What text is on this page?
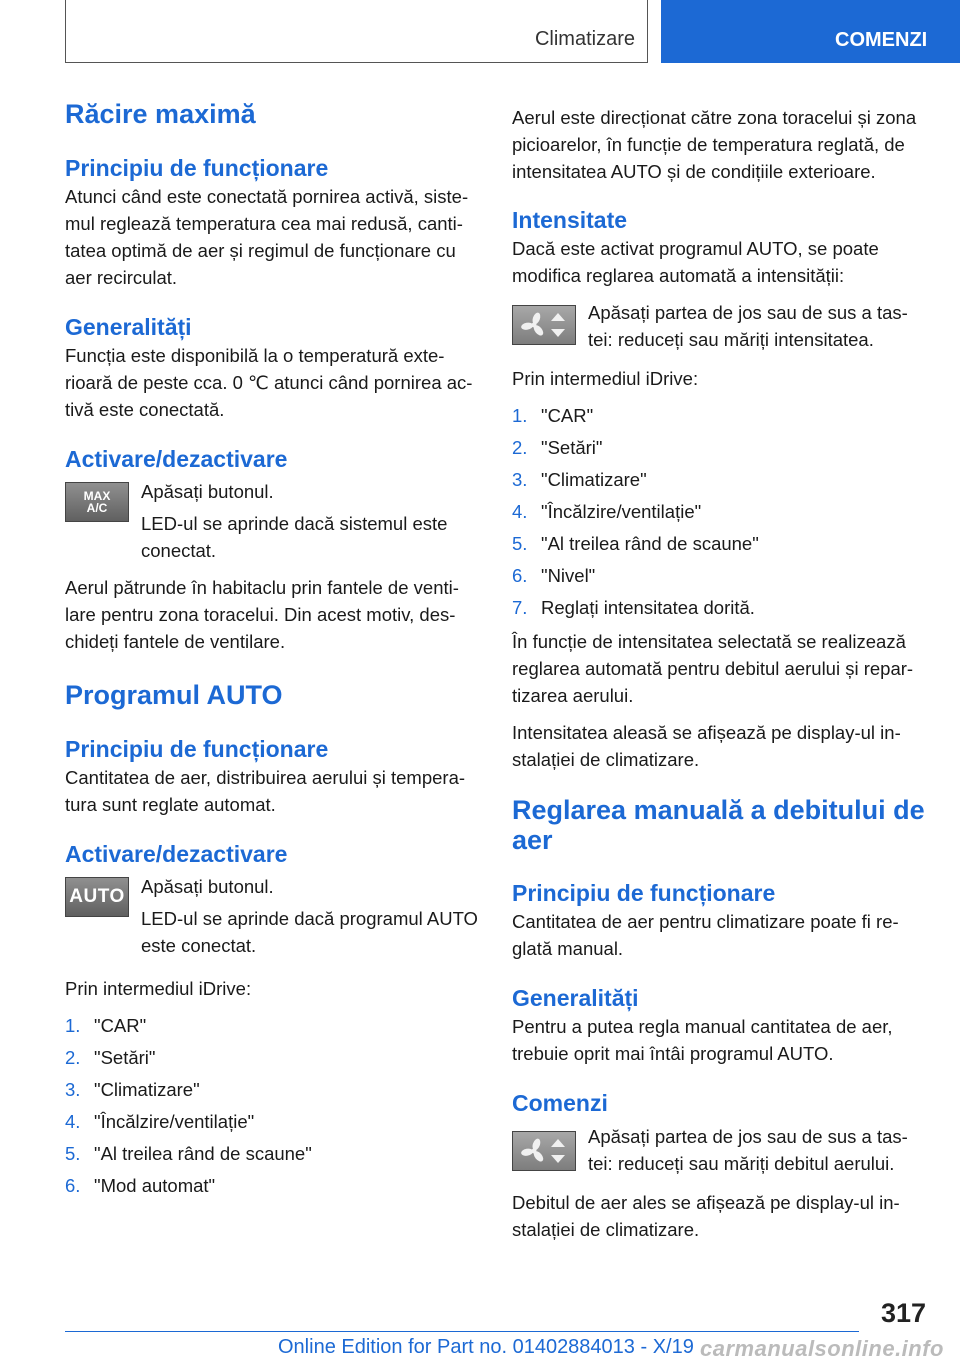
Climatizare	COMENZI
Răcire maximă
Principiu de funcționare

Atunci când este conectată pornirea activă, siste-mul reglează temperatura cea mai redusă, canti-tatea optimă de aer și regimul de funcționare cu aer recirculat.

Generalități

Funcția este disponibilă la o temperatură exte-rioară de peste cca. 0 ℃ atunci când pornirea ac-tivă este conectată.

Activare/dezactivare
MAX
A/C

Apăsați butonul.

LED-ul se aprinde dacă sistemul este conectat.

Aerul pătrunde în habitaclu prin fantele de venti-lare pentru zona toracelui. Din acest motiv, des-chideți fantele de ventilare.

Programul AUTO
Principiu de funcționare

Cantitatea de aer, distribuirea aerului și tempera-tura sunt reglate automat.

Activare/dezactivare
AUTO Apăsați butonul.

LED-ul se aprinde dacă programul AUTO este conectat.

Prin intermediul iDrive:

1. "CAR"
2. "Setări"
3. "Climatizare"
4. "Încălzire/ventilație"
5. "Al treilea rând de scaune"
6. "Mod automat"

Aerul este direcționat către zona toracelui și zona picioarelor, în funcție de temperatura reglată, de intensitatea AUTO și de condițiile exterioare.

Intensitate

Dacă este activat programul AUTO, se poate modifica reglarea automată a intensității:

Apăsați partea de jos sau de sus a tas-tei: reduceți sau măriți intensitatea.

Prin intermediul iDrive:

1. "CAR"
2. "Setări"
3. "Climatizare"
4. "Încălzire/ventilație"
5. "Al treilea rând de scaune"
6. "Nivel"
7. Reglați intensitatea dorită.

În funcție de intensitatea selectată se realizează reglarea automată pentru debitul aerului și repar-tizarea aerului.

Intensitatea aleasă se afișează pe display-ul in-stalației de climatizare.

Reglarea manuală a debitului de aer
Principiu de funcționare

Cantitatea de aer pentru climatizare poate fi re-glată manual.

Generalități

Pentru a putea regla manual cantitatea de aer, trebuie oprit mai întâi programul AUTO.

Comenzi

Apăsați partea de jos sau de sus a tas-tei: reduceți sau măriți debitul aerului.

Debitul de aer ales se afișează pe display-ul in-stalației de climatizare.

317
Online Edition for Part no. 01402884013 - X/19 carmanualsonline.info
